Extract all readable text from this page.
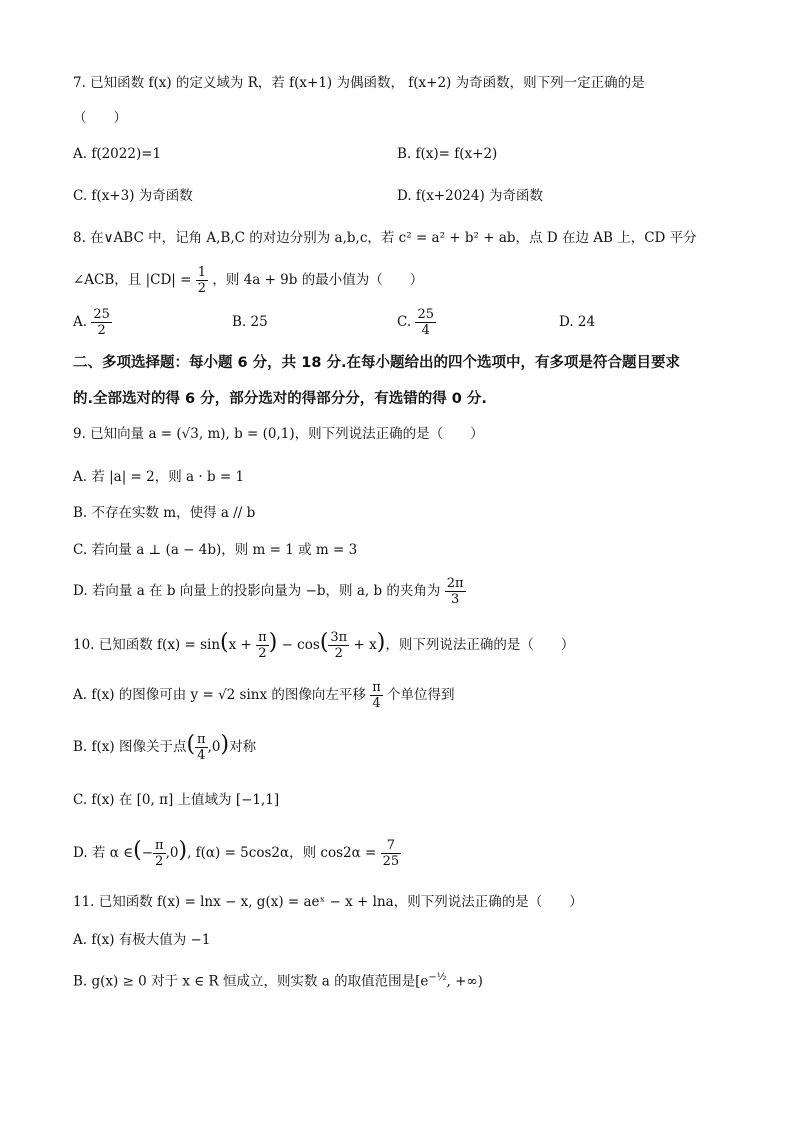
7. 已知函数 f(x) 的定义域为 R，若 f(x+1) 为偶函数， f(x+2) 为奇函数，则下列一定正确的是
（　　）
A. f(2022)=1	B. f(x)= f(x+2)
C. f(x+3) 为奇函数	D. f(x+2024) 为奇函数
8. 在∨ABC 中，记角 A,B,C 的对边分别为 a,b,c，若 c² = a² + b² + ab，点 D 在边 AB 上，CD 平分
∠ACB，且 $|CD| = \frac{1}{2}$ ，则 4a + 9b 的最小值为（　　）
A. $\frac{25}{2}$	B. 25	C. $\frac{25}{4}$	D. 24
二、多项选择题：每小题 6 分，共 18 分.在每小题给出的四个选项中，有多项是符合题目要求
的.全部选对的得 6 分，部分选对的得部分分，有选错的得 0 分.
9. 已知向量 a = (√3, m), b = (0,1)，则下列说法正确的是（　　）
A. 若 |a| = 2，则 a · b = 1
B. 不存在实数 m，使得 a // b
C. 若向量 a ⊥ (a − 4b)，则 m = 1 或 m = 3
D. 若向量 a 在 b 向量上的投影向量为 −b，则 a, b 的夹角为 $\frac{2\pi}{3}$
10. 已知函数 $f(x) = \sin(x + \frac{\pi}{2}$ ) − $\cos( \frac{3\pi}{2} + x)$，则下列说法正确的是（　　）
A. f(x) 的图像可由 y = √2 sinx 的图像向左平移 $\frac{\pi}{4}$ 个单位得到
B. f(x) 图像关于点( $\frac{\pi}{4} ,0$)对称
C. f(x) 在 [0, π] 上值域为 [−1,1]
D. 若 α ∈(− $\frac{\pi}{2} ,0$), f(α) = 5cos2α，则 $\cos 2\alpha = \frac{7}{25}$
11. 已知函数 f(x) = lnx − x, g(x) = aeˣ − x + lna，则下列说法正确的是（　　）
A. f(x) 有极大值为 −1
B. g(x) ≥ 0 对于 x ∈ R 恒成立，则实数 a 的取值范围是[$e^{-\frac{1}{2}}$, +∞)
